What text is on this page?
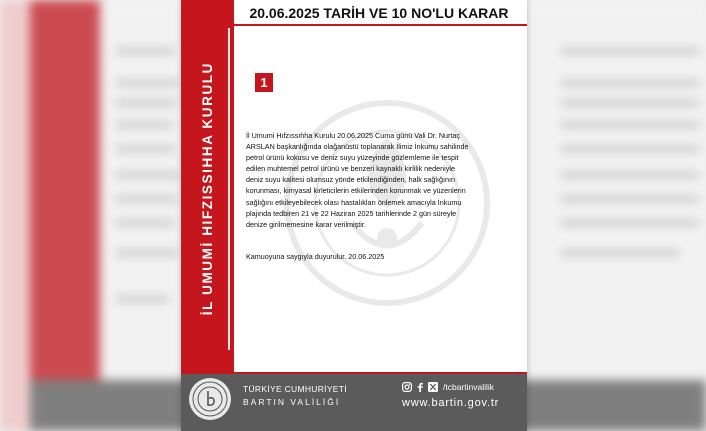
İL UMUMİ HIFZISSIHHA KURULU
20.06.2025 TARİH VE 10 NO'LU KARAR
1
İl Umumi Hıfzıssıhha Kurulu 20.06.2025 Cuma günü Vali Dr. Nurtaç
ARSLAN başkanlığında olağanüstü toplanarak İlimiz İnkumu sahilinde
petrol ürünü kokusu ve deniz suyu yüzeyinde gözlemleme ile tespit
edilen muhtemel petrol ürünü ve benzeri kaynaklı kirlilik nedeniyle
deniz suyu kalitesi olumsuz yönde etkilendiğinden, halk sağlığının
korunması, kimyasal kirleticilerin etkilerinden korunmak ve yüzenlerin
sağlığını etkileyebilecek olası hastalıkları önlemek amacıyla İnkumu
plajında tedbiren 21 ve 22 Haziran 2025 tarihlerinde 2 gün süreyle
denize girilmemesine karar verilmiştir.
Kamuoyuna saygıyla duyurulur. 20.06.2025
TÜRKİYE CUMHURİYETİ
BARTIN VALİLİĞİ
/tcbartinvalilik
www.bartin.gov.tr
